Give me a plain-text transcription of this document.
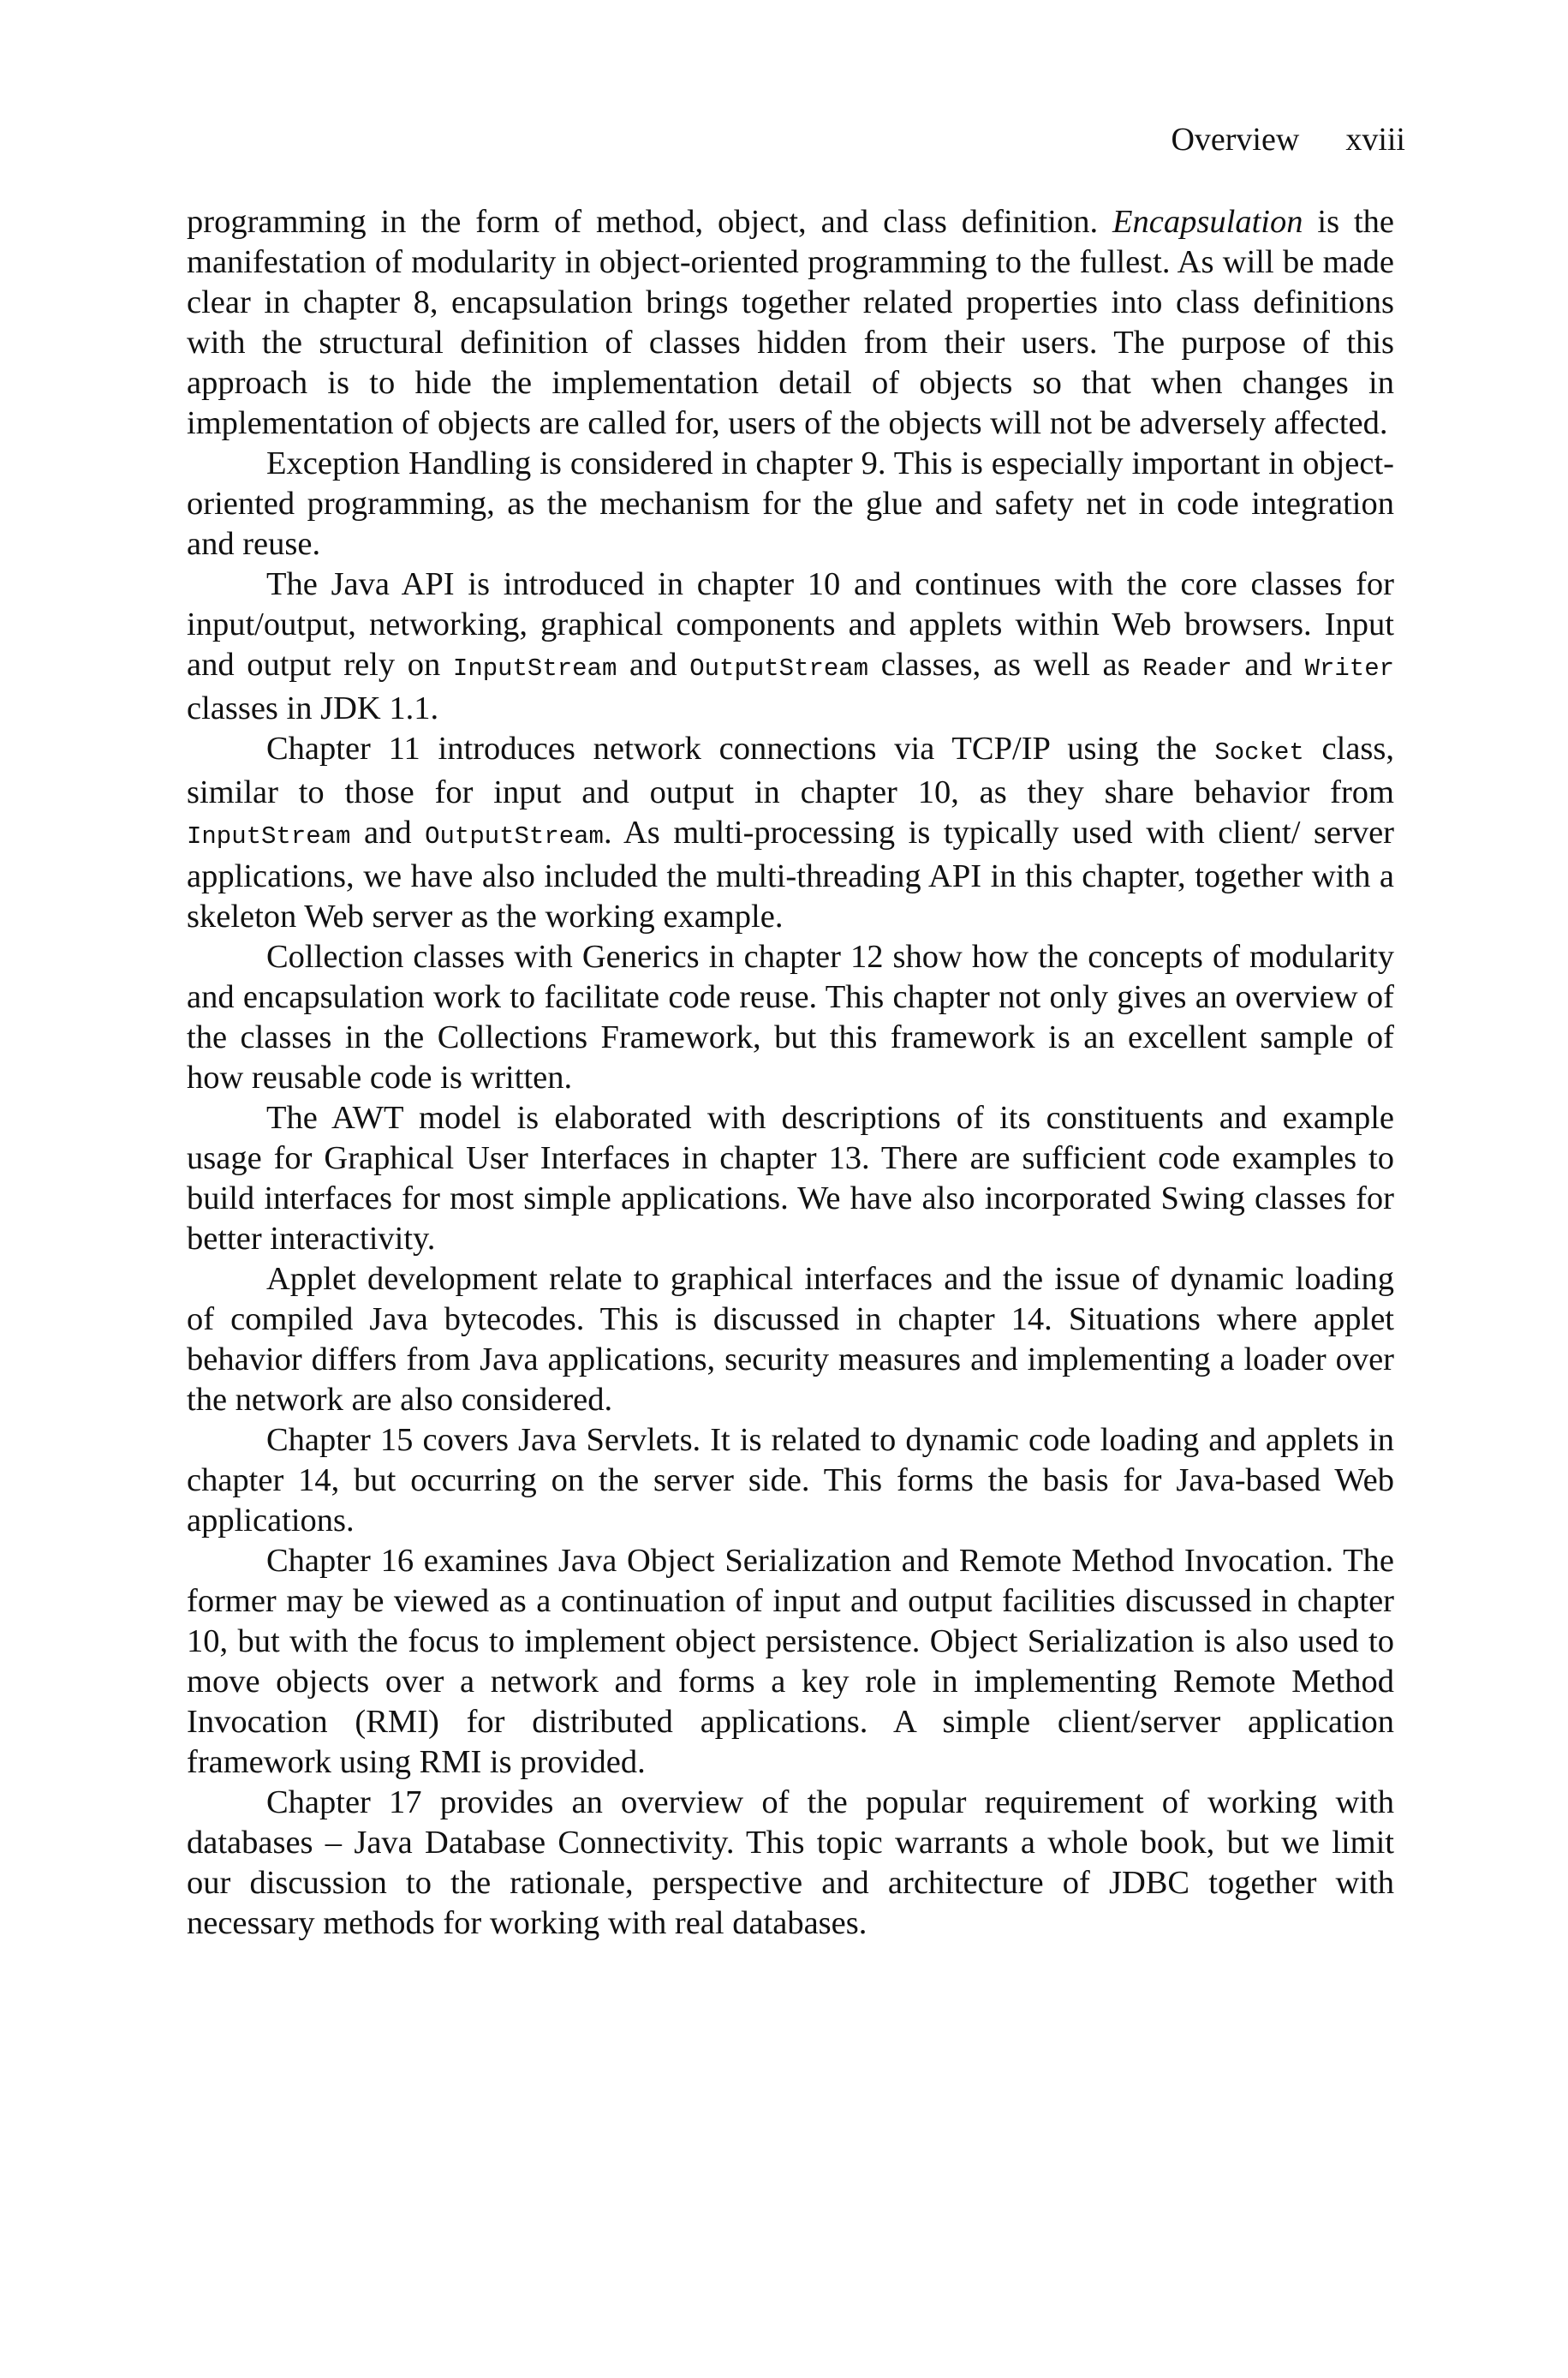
Overview xviii

programming in the form of method, object, and class definition. Encapsulation is the manifestation of modularity in object-oriented programming to the fullest. As will be made clear in chapter 8, encapsulation brings together related properties into class definitions with the structural definition of classes hidden from their users. The purpose of this approach is to hide the implementation detail of objects so that when changes in implementation of objects are called for, users of the objects will not be adversely affected.

Exception Handling is considered in chapter 9. This is especially important in object-oriented programming, as the mechanism for the glue and safety net in code integration and reuse.

The Java API is introduced in chapter 10 and continues with the core classes for input/output, networking, graphical components and applets within Web browsers. Input and output rely on InputStream and OutputStream classes, as well as Reader and Writer classes in JDK 1.1.

Chapter 11 introduces network connections via TCP/IP using the Socket class, similar to those for input and output in chapter 10, as they share behavior from InputStream and OutputStream. As multi-processing is typically used with client/ server applications, we have also included the multi-threading API in this chapter, together with a skeleton Web server as the working example.

Collection classes with Generics in chapter 12 show how the concepts of modularity and encapsulation work to facilitate code reuse. This chapter not only gives an overview of the classes in the Collections Framework, but this framework is an excellent sample of how reusable code is written.

The AWT model is elaborated with descriptions of its constituents and example usage for Graphical User Interfaces in chapter 13. There are sufficient code examples to build interfaces for most simple applications. We have also incorporated Swing classes for better interactivity.

Applet development relate to graphical interfaces and the issue of dynamic loading of compiled Java bytecodes. This is discussed in chapter 14. Situations where applet behavior differs from Java applications, security measures and implementing a loader over the network are also considered.

Chapter 15 covers Java Servlets. It is related to dynamic code loading and applets in chapter 14, but occurring on the server side. This forms the basis for Java-based Web applications.

Chapter 16 examines Java Object Serialization and Remote Method Invocation. The former may be viewed as a continuation of input and output facilities discussed in chapter 10, but with the focus to implement object persistence. Object Serialization is also used to move objects over a network and forms a key role in implementing Remote Method Invocation (RMI) for distributed applications. A simple client/server application framework using RMI is provided.

Chapter 17 provides an overview of the popular requirement of working with databases – Java Database Connectivity. This topic warrants a whole book, but we limit our discussion to the rationale, perspective and architecture of JDBC together with necessary methods for working with real databases.
